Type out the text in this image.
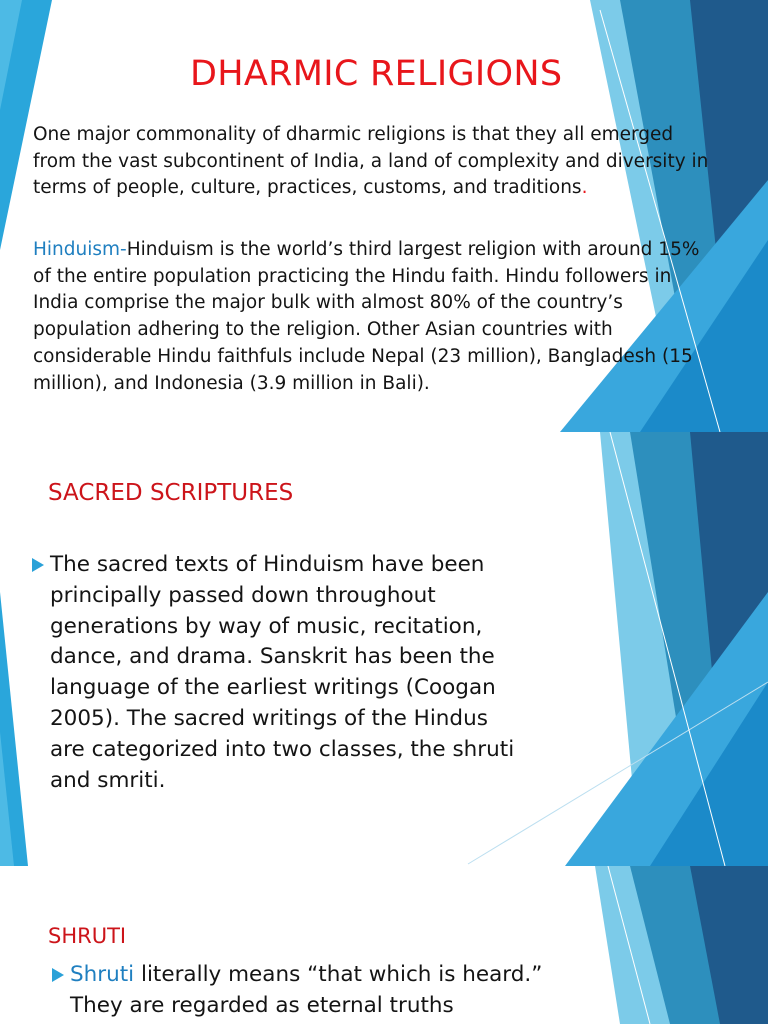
DHARMIC RELIGIONS
One major commonality of dharmic religions is that they all emerged from the vast subcontinent of India, a land of complexity and diversity in terms of people, culture, practices, customs, and traditions.
Hinduism-Hinduism is the world’s third largest religion with around 15% of the entire population practicing the Hindu faith. Hindu followers in India comprise the major bulk with almost 80% of the country’s population adhering to the religion. Other Asian countries with considerable Hindu faithfuls include Nepal (23 million), Bangladesh (15 million), and Indonesia (3.9 million in Bali).
SACRED SCRIPTURES
The sacred texts of Hinduism have been principally passed down throughout generations by way of music, recitation, dance, and drama. Sanskrit has been the language of the earliest writings (Coogan 2005). The sacred writings of the Hindus are categorized into two classes, the shruti and smriti.
SHRUTI
Shruti literally means “that which is heard.” They are regarded as eternal truths
